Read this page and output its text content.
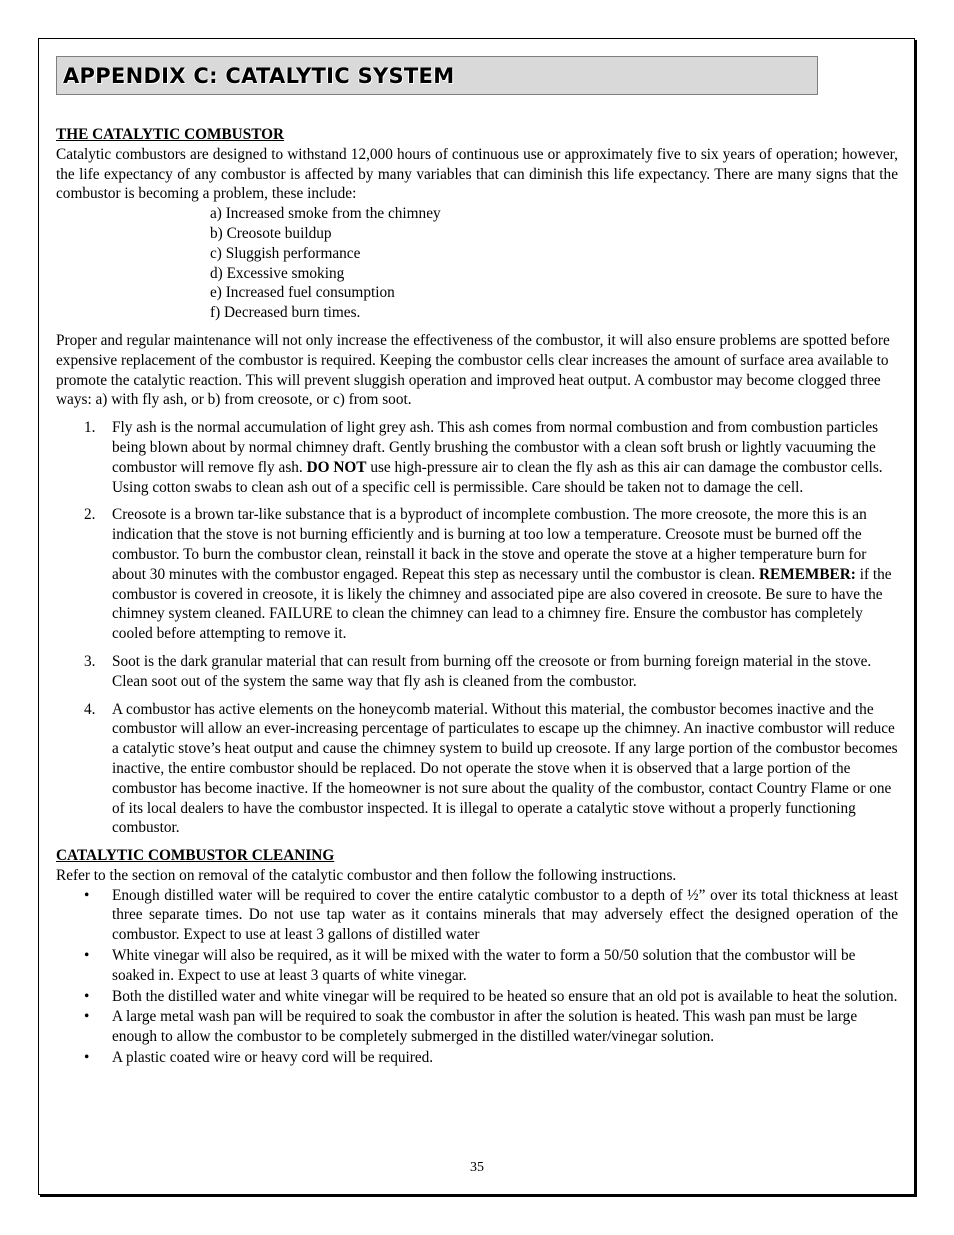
APPENDIX C: CATALYTIC SYSTEM

THE CATALYTIC COMBUSTOR

Catalytic combustors are designed to withstand 12,000 hours of continuous use or approximately five to six years of operation; however, the life expectancy of any combustor is affected by many variables that can diminish this life expectancy. There are many signs that the combustor is becoming a problem, these include:

a) Increased smoke from the chimney
b) Creosote buildup
c) Sluggish performance
d) Excessive smoking
e) Increased fuel consumption
f) Decreased burn times.

Proper and regular maintenance will not only increase the effectiveness of the combustor, it will also ensure problems are spotted before expensive replacement of the combustor is required. Keeping the combustor cells clear increases the amount of surface area available to promote the catalytic reaction. This will prevent sluggish operation and improved heat output. A combustor may become clogged three ways: a) with fly ash, or b) from creosote, or c) from soot.

1. Fly ash is the normal accumulation of light grey ash. This ash comes from normal combustion and from combustion particles being blown about by normal chimney draft. Gently brushing the combustor with a clean soft brush or lightly vacuuming the combustor will remove fly ash. DO NOT use high-pressure air to clean the fly ash as this air can damage the combustor cells. Using cotton swabs to clean ash out of a specific cell is permissible. Care should be taken not to damage the cell.
2. Creosote is a brown tar-like substance that is a byproduct of incomplete combustion. The more creosote, the more this is an indication that the stove is not burning efficiently and is burning at too low a temperature. Creosote must be burned off the combustor. To burn the combustor clean, reinstall it back in the stove and operate the stove at a higher temperature burn for about 30 minutes with the combustor engaged. Repeat this step as necessary until the combustor is clean. REMEMBER: if the combustor is covered in creosote, it is likely the chimney and associated pipe are also covered in creosote. Be sure to have the chimney system cleaned. FAILURE to clean the chimney can lead to a chimney fire. Ensure the combustor has completely cooled before attempting to remove it.
3. Soot is the dark granular material that can result from burning off the creosote or from burning foreign material in the stove. Clean soot out of the system the same way that fly ash is cleaned from the combustor.
4. A combustor has active elements on the honeycomb material. Without this material, the combustor becomes inactive and the combustor will allow an ever-increasing percentage of particulates to escape up the chimney. An inactive combustor will reduce a catalytic stove’s heat output and cause the chimney system to build up creosote. If any large portion of the combustor becomes inactive, the entire combustor should be replaced. Do not operate the stove when it is observed that a large portion of the combustor has become inactive. If the homeowner is not sure about the quality of the combustor, contact Country Flame or one of its local dealers to have the combustor inspected. It is illegal to operate a catalytic stove without a properly functioning combustor.

CATALYTIC COMBUSTOR CLEANING

Refer to the section on removal of the catalytic combustor and then follow the following instructions.

• Enough distilled water will be required to cover the entire catalytic combustor to a depth of ½” over its total thickness at least three separate times. Do not use tap water as it contains minerals that may adversely effect the designed operation of the combustor. Expect to use at least 3 gallons of distilled water
• White vinegar will also be required, as it will be mixed with the water to form a 50/50 solution that the combustor will be soaked in. Expect to use at least 3 quarts of white vinegar.
• Both the distilled water and white vinegar will be required to be heated so ensure that an old pot is available to heat the solution.
• A large metal wash pan will be required to soak the combustor in after the solution is heated. This wash pan must be large enough to allow the combustor to be completely submerged in the distilled water/vinegar solution.
• A plastic coated wire or heavy cord will be required.
35
